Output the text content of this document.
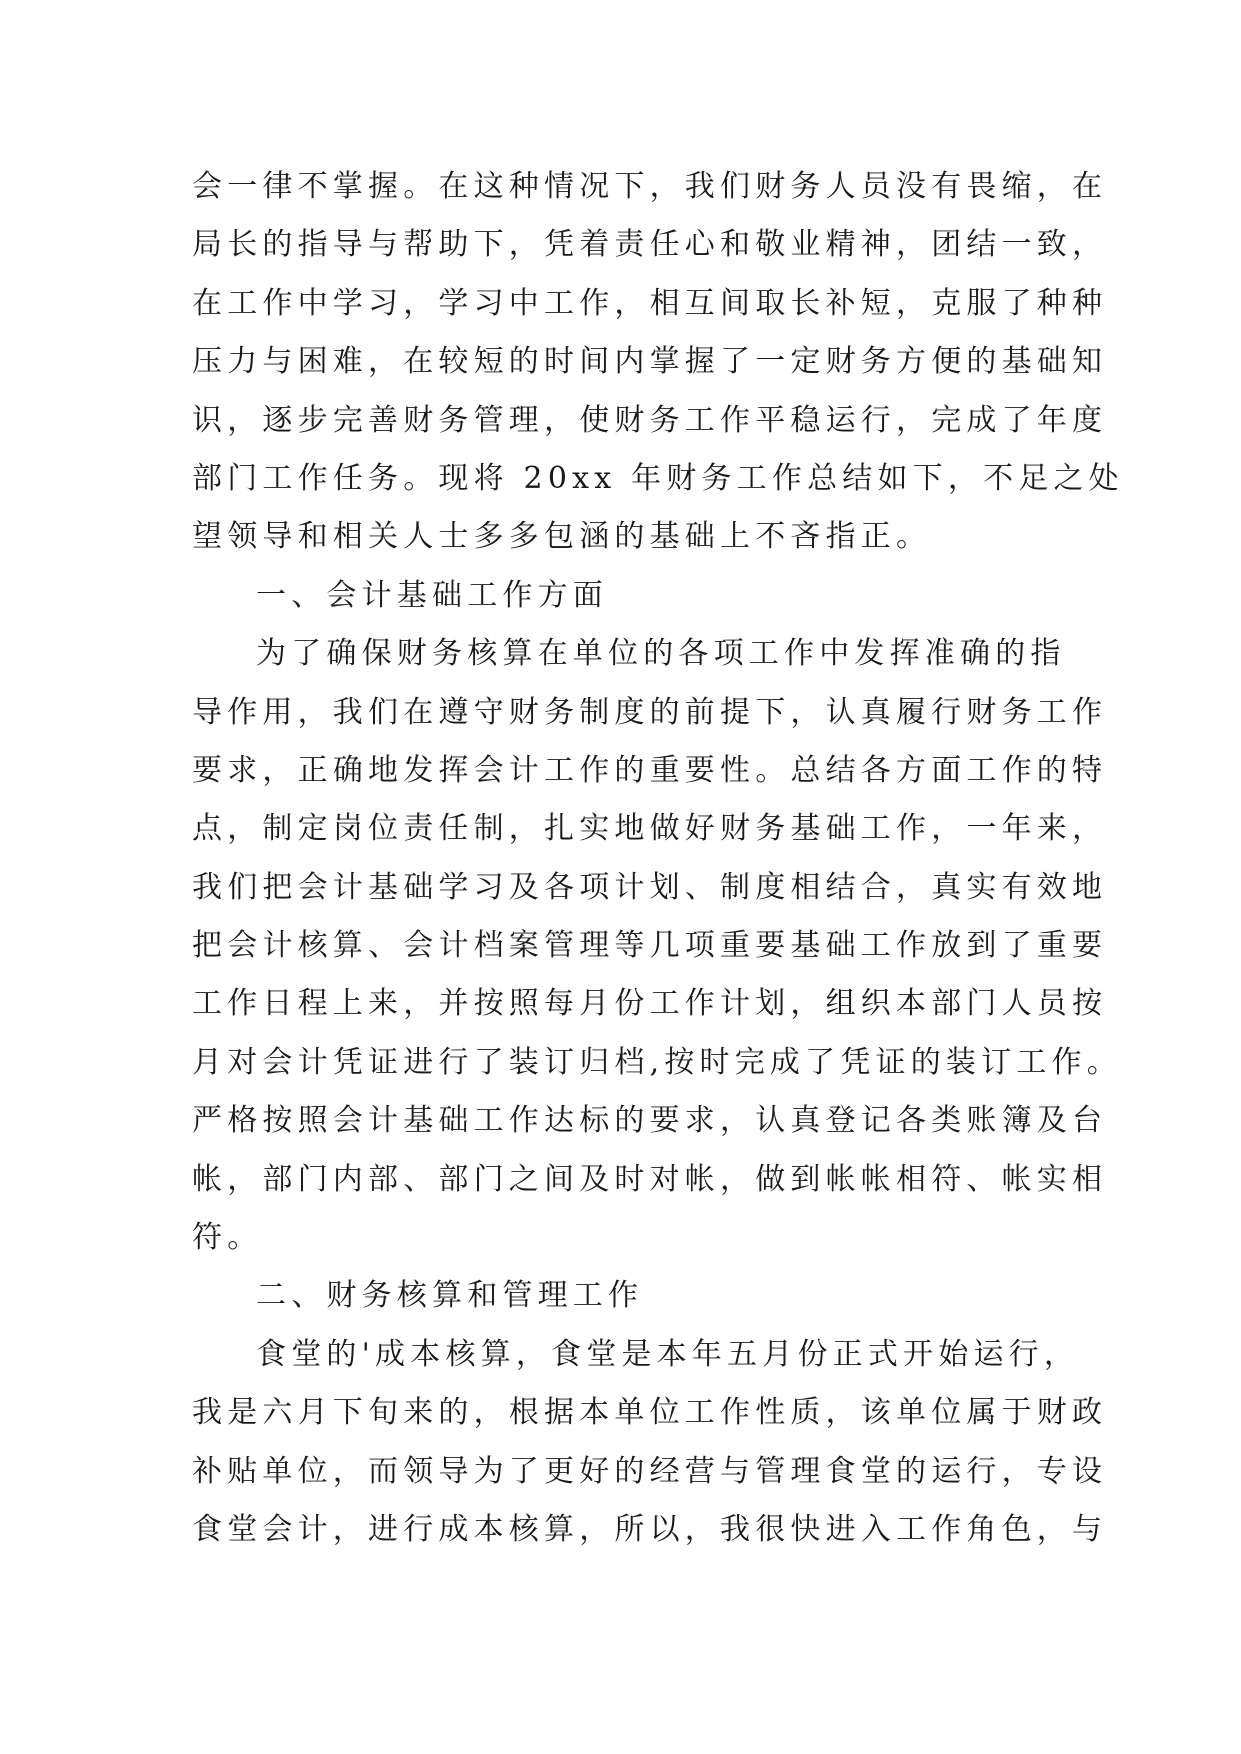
会一律不掌握。在这种情况下，我们财务人员没有畏缩，在
局长的指导与帮助下，凭着责任心和敬业精神，团结一致，
在工作中学习，学习中工作，相互间取长补短，克服了种种
压力与困难，在较短的时间内掌握了一定财务方便的基础知
识，逐步完善财务管理，使财务工作平稳运行，完成了年度
部门工作任务。现将 20xx 年财务工作总结如下，不足之处
望领导和相关人士多多包涵的基础上不吝指正。
一、会计基础工作方面
为了确保财务核算在单位的各项工作中发挥准确的指
导作用，我们在遵守财务制度的前提下，认真履行财务工作
要求，正确地发挥会计工作的重要性。总结各方面工作的特
点，制定岗位责任制，扎实地做好财务基础工作，一年来，
我们把会计基础学习及各项计划、制度相结合，真实有效地
把会计核算、会计档案管理等几项重要基础工作放到了重要
工作日程上来，并按照每月份工作计划，组织本部门人员按
月对会计凭证进行了装订归档,按时完成了凭证的装订工作。
严格按照会计基础工作达标的要求，认真登记各类账簿及台
帐，部门内部、部门之间及时对帐，做到帐帐相符、帐实相
符。
二、财务核算和管理工作
食堂的'成本核算，食堂是本年五月份正式开始运行，
我是六月下旬来的，根据本单位工作性质，该单位属于财政
补贴单位，而领导为了更好的经营与管理食堂的运行，专设
食堂会计，进行成本核算，所以，我很快进入工作角色，与
